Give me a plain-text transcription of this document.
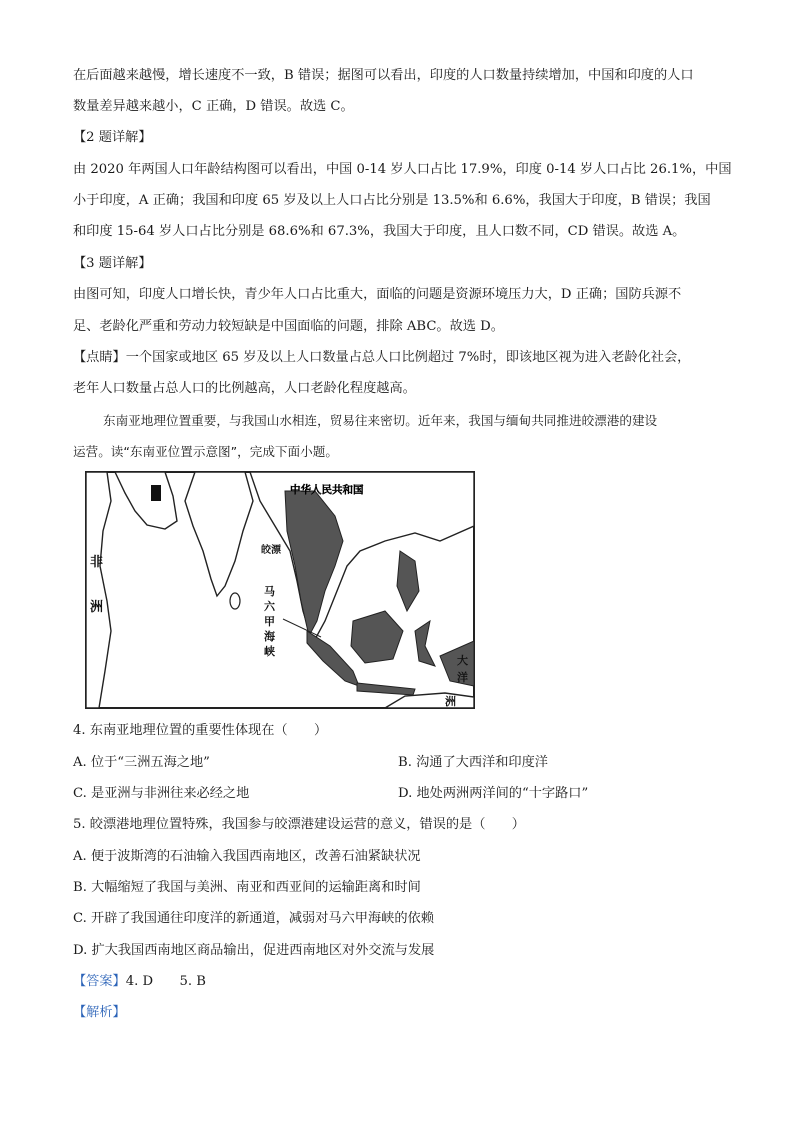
在后面越来越慢，增长速度不一致，B 错误；据图可以看出，印度的人口数量持续增加，中国和印度的人口
数量差异越来越小，C 正确，D 错误。故选 C。
【2 题详解】
由 2020 年两国人口年龄结构图可以看出，中国 0-14 岁人口占比 17.9%，印度 0-14 岁人口占比 26.1%，中国
小于印度，A 正确；我国和印度 65 岁及以上人口占比分别是 13.5%和 6.6%，我国大于印度，B 错误；我国
和印度 15-64 岁人口占比分别是 68.6%和 67.3%，我国大于印度，且人口数不同，CD 错误。故选 A。
【3 题详解】
由图可知，印度人口增长快，青少年人口占比重大，面临的问题是资源环境压力大，D 正确；国防兵源不
足、老龄化严重和劳动力较短缺是中国面临的问题，排除 ABC。故选 D。
【点睛】一个国家或地区 65 岁及以上人口数量占总人口比例超过 7%时，即该地区视为进入老龄化社会，
老年人口数量占总人口的比例越高，人口老龄化程度越高。
东南亚地理位置重要，与我国山水相连，贸易往来密切。近年来，我国与缅甸共同推进皎漂港的建设
运营。读“东南亚位置示意图”，完成下面小题。
中华人民共和国
皎漂
非
洲
马
六
甲
海
峡
大
洋
洲
4. 东南亚地理位置的重要性体现在（　　）
A. 位于“三洲五海之地”	B. 沟通了大西洋和印度洋
C. 是亚洲与非洲往来必经之地	D. 地处两洲两洋间的“十字路口”
5. 皎漂港地理位置特殊，我国参与皎漂港建设运营的意义，错误的是（　　）
A. 便于波斯湾的石油输入我国西南地区，改善石油紧缺状况
B. 大幅缩短了我国与美洲、南亚和西亚间的运输距离和时间
C. 开辟了我国通往印度洋的新通道，减弱对马六甲海峡的依赖
D. 扩大我国西南地区商品输出，促进西南地区对外交流与发展
【答案】4. D　　5. B
【解析】
